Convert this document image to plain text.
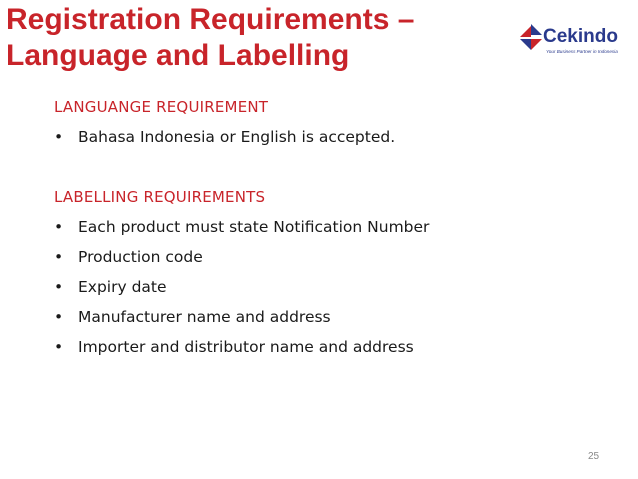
Registration Requirements –
Language and Labelling
Cekindo
Your Business Partner in Indonesia
LANGUANGE REQUIREMENT
• Bahasa Indonesia or English is accepted.
LABELLING REQUIREMENTS
• Each product must state Notification Number
• Production code
• Expiry date
• Manufacturer name and address
• Importer and distributor name and address
25
